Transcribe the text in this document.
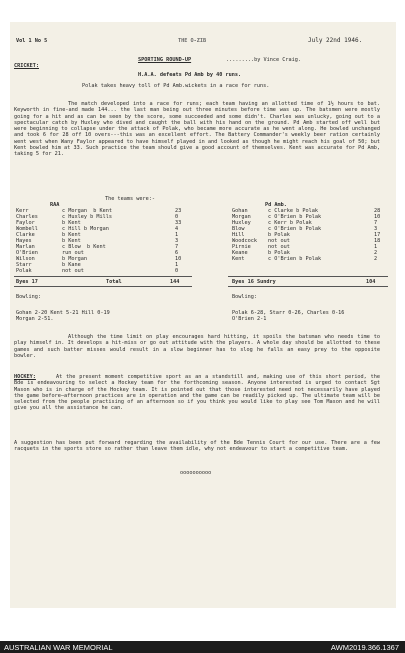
Vol 1 No 5	THE O-ZIB	July 22nd 1946.
SPORTING ROUND-UP	.........by Vince Craig.
CRICKET:
H.A.A. defeats Pd Amb by 40 runs.
Polak takes heavy toll of Pd Amb.wickets in a race for runs.
The match developed into a race for runs; each team having an allotted time of 1½ hours to bat. Keyworth in fine-and made 144... the last man being out three minutes before time was up. The batsmen were mostly going for a hit and as can be seen by the score, some succeeded and some didn't. Charles was unlucky, going out to a spectacular catch by Huxley who dived and caught the ball with his hand on the ground. Pd Amb started off well but were beginning to collapse under the attack of Polak, who became more accurate as he went along. He bowled unchanged and took 6 for 28 off 10 overs---this was an excellent effort. The Battery Commander's weekly beer ration certainly went west when Wany Faylor appeared to have himself played in and looked as though he might reach his goal of 50; but Kent bowled him at 33. Such practice the team should give a good account of themselves. Kent was accurate for Pd Amb, taking 5 for 21.
The teams were:-
RAA	Pd Amb.
Kerr	c Morgan  b Kent	23
Charles	c Huxley b Mills	0
Faylor	b Kent	33
Wombell	c Hill b Morgan	4
Clarke	b Kent	1
Hayes	b Kent	3
Marlan	c Blow  b Kent	7
O'Brien	run out	6
Wilson	b Morgan	10
Starr	b Kane	1
Polak	not out	0
Byes 17	Total	144
Gohan	c Clarke b Polak	28
Morgan	c O'Brien b Polak	10
Huxley	c Kerr b Polak	7
Blow	c O'Brien b Polak	3
Hill	b Polak	17
Woodcock not out	18
Pirnie	not out	1
Keane	b Polak	2
Kent	c O'Brien b Polak	2
Byes 16 Sundry	104
Bowling:	Bowling:
Gohan 2-20 Kent 5-21 Hill 0-19
Morgan 2-51.
Polak 6-28, Starr 0-26, Charles 0-16
O'Brien 2-1
Although the time limit on play encourages hard hitting, it spoils the batsman who needs time to play himself in. It develops a hit-miss or go out attitude with the players. A whole day should be allotted to these games and such batter misses would result in a slow beginner has to slog he falls an easy prey to the opposite bowler.
HOCKEY:	At the present moment competitive sport as an a standstill and, making use of this short period, the Bde is endeavouring to select a Hockey team for the forthcoming season. Anyone interested is urged to contact Sgt Mason who is in charge of the Hockey team. It is pointed out that those interested need not necessarily have played the game before—afternoon practices are in operation and the game can be readily picked up. The ultimate team will be selected from the people practising of an afternoon so if you think you would like to play see Tom Mason and he will give you all the assistance he can.
A suggestion has been put forward regarding the availability of the Bde Tennis Court for our use. There are a few racquets in the sports store so rather than leave them idle, why not endeavour to start a competitive team.
oooooooooo
AUSTRALIAN WAR MEMORIAL	AWM2019.366.1367
